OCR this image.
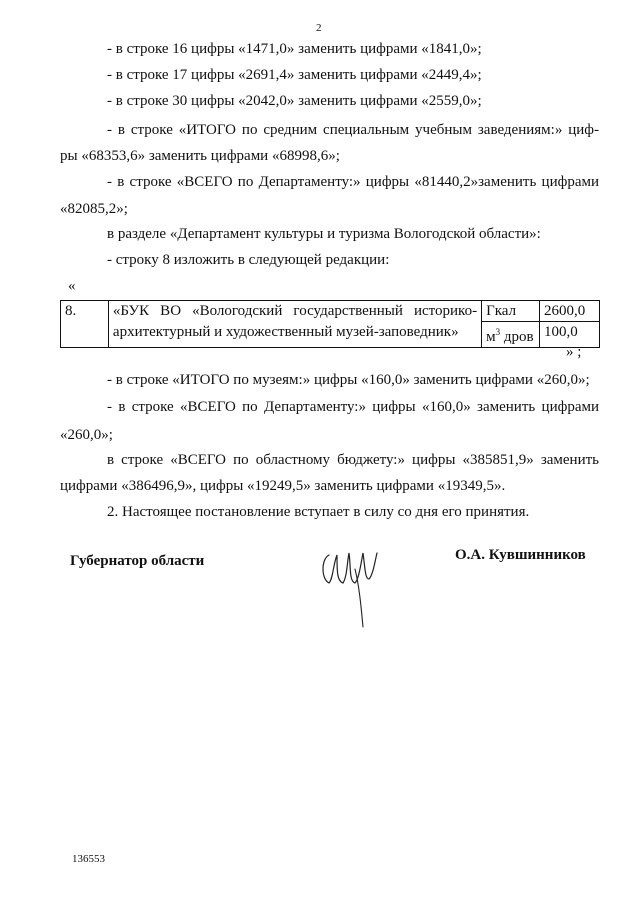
2
- в строке 16 цифры «1471,0» заменить цифрами «1841,0»;
- в строке 17 цифры «2691,4» заменить цифрами «2449,4»;
- в строке 30 цифры «2042,0» заменить цифрами «2559,0»;
- в строке «ИТОГО по средним специальным учебным заведениям:» циф-
ры «68353,6» заменить цифрами «68998,6»;
- в строке «ВСЕГО по Департаменту:» цифры «81440,2»заменить цифрами
«82085,2»;
в разделе «Департамент культуры и туризма Вологодской области»:
- строку 8 изложить в следующей редакции:
«
8.	«БУК ВО «Вологодский государственный историко-	Гкал	2600,0
	архитектурный и художественный музей-заповедник»	$м^3$ дров	100,0
» ;
- в строке «ИТОГО по музеям:» цифры «160,0» заменить цифрами «260,0»;
- в строке «ВСЕГО по Департаменту:» цифры «160,0» заменить цифрами
«260,0»;
в строке «ВСЕГО по областному бюджету:» цифры «385851,9» заменить
цифрами «386496,9», цифры «19249,5» заменить цифрами «19349,5».
2. Настоящее постановление вступает в силу со дня его принятия.
Губернатор области	О.А. Кувшинников
136553
